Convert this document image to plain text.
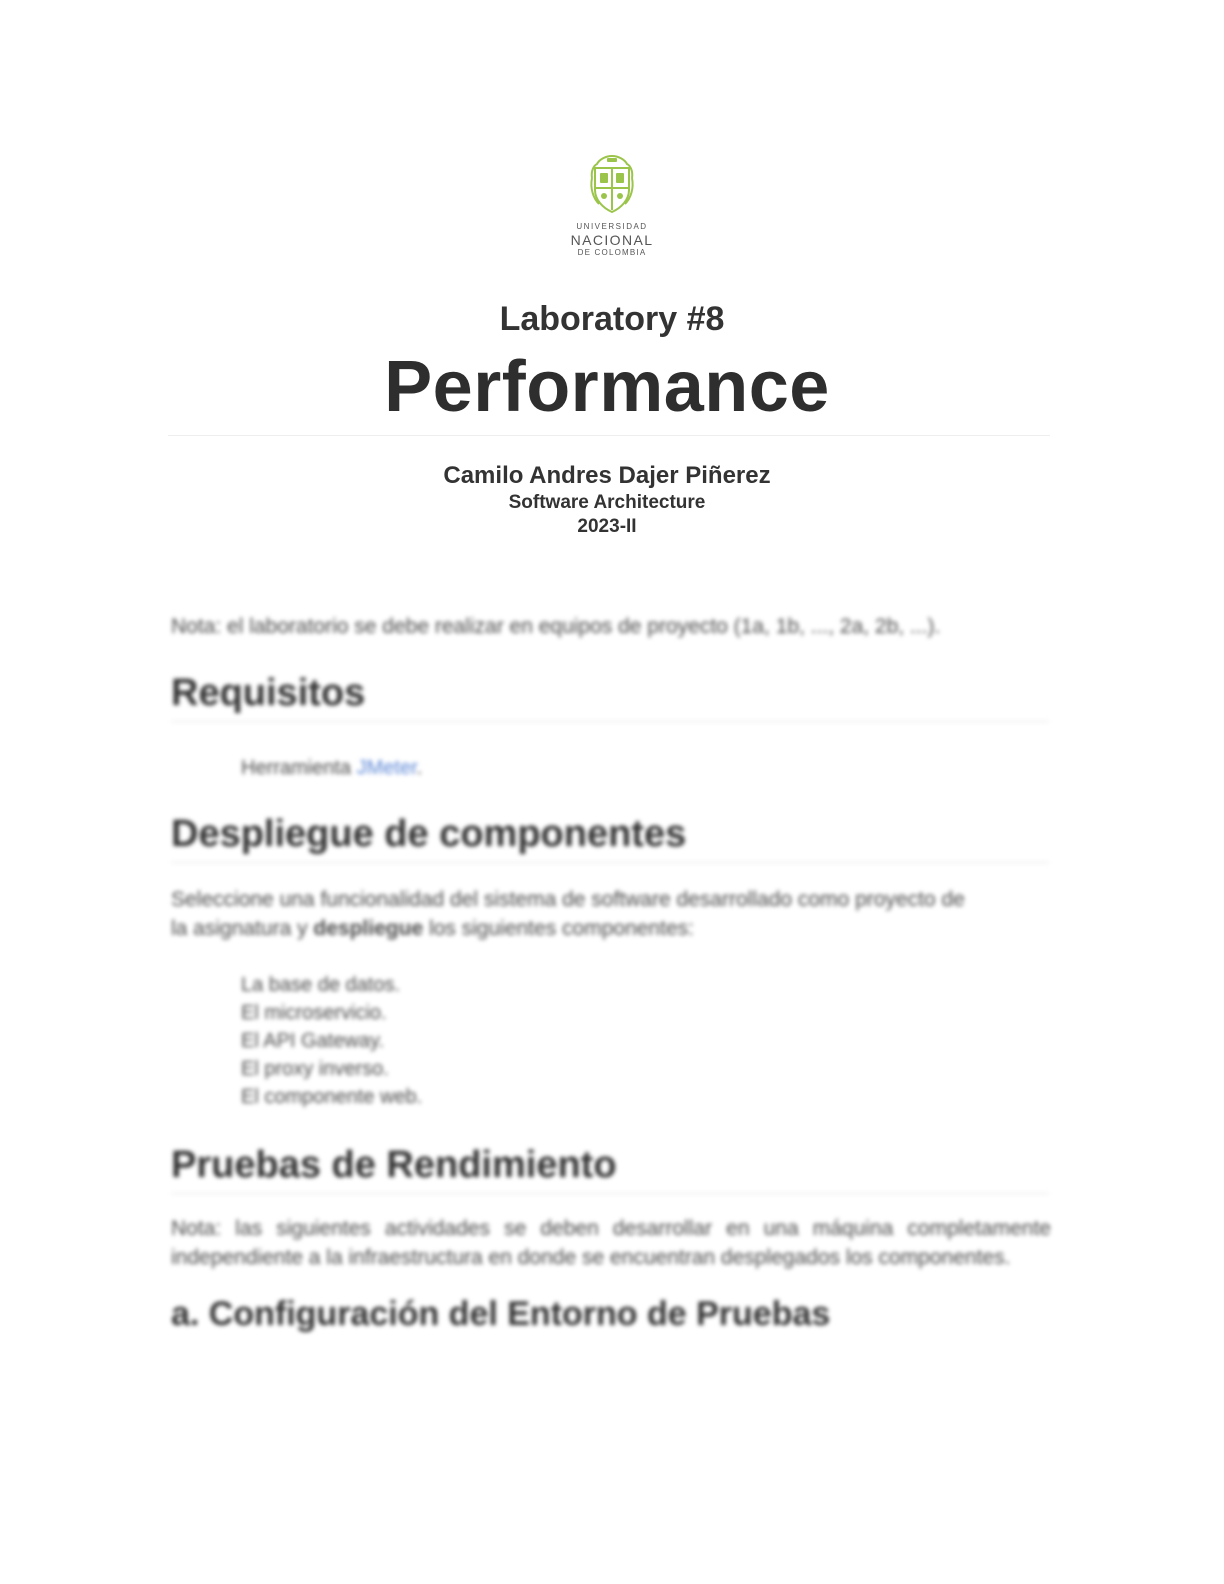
UNIVERSIDAD
NACIONAL
DE COLOMBIA
Laboratory #8
Performance
Camilo Andres Dajer Piñerez
Software Architecture
2023-II

Nota: el laboratorio se debe realizar en equipos de proyecto (1a, 1b, ..., 2a, 2b, ...).

Requisitos
Herramienta JMeter.
Despliegue de componentes

Seleccione una funcionalidad del sistema de software desarrollado como proyecto de la asignatura y despliegue los siguientes componentes:

La base de datos.
El microservicio.
El API Gateway.
El proxy inverso.
El componente web.
Pruebas de Rendimiento

Nota: las siguientes actividades se deben desarrollar en una máquina completamente independiente a la infraestructura en donde se encuentran desplegados los componentes.

a. Configuración del Entorno de Pruebas
